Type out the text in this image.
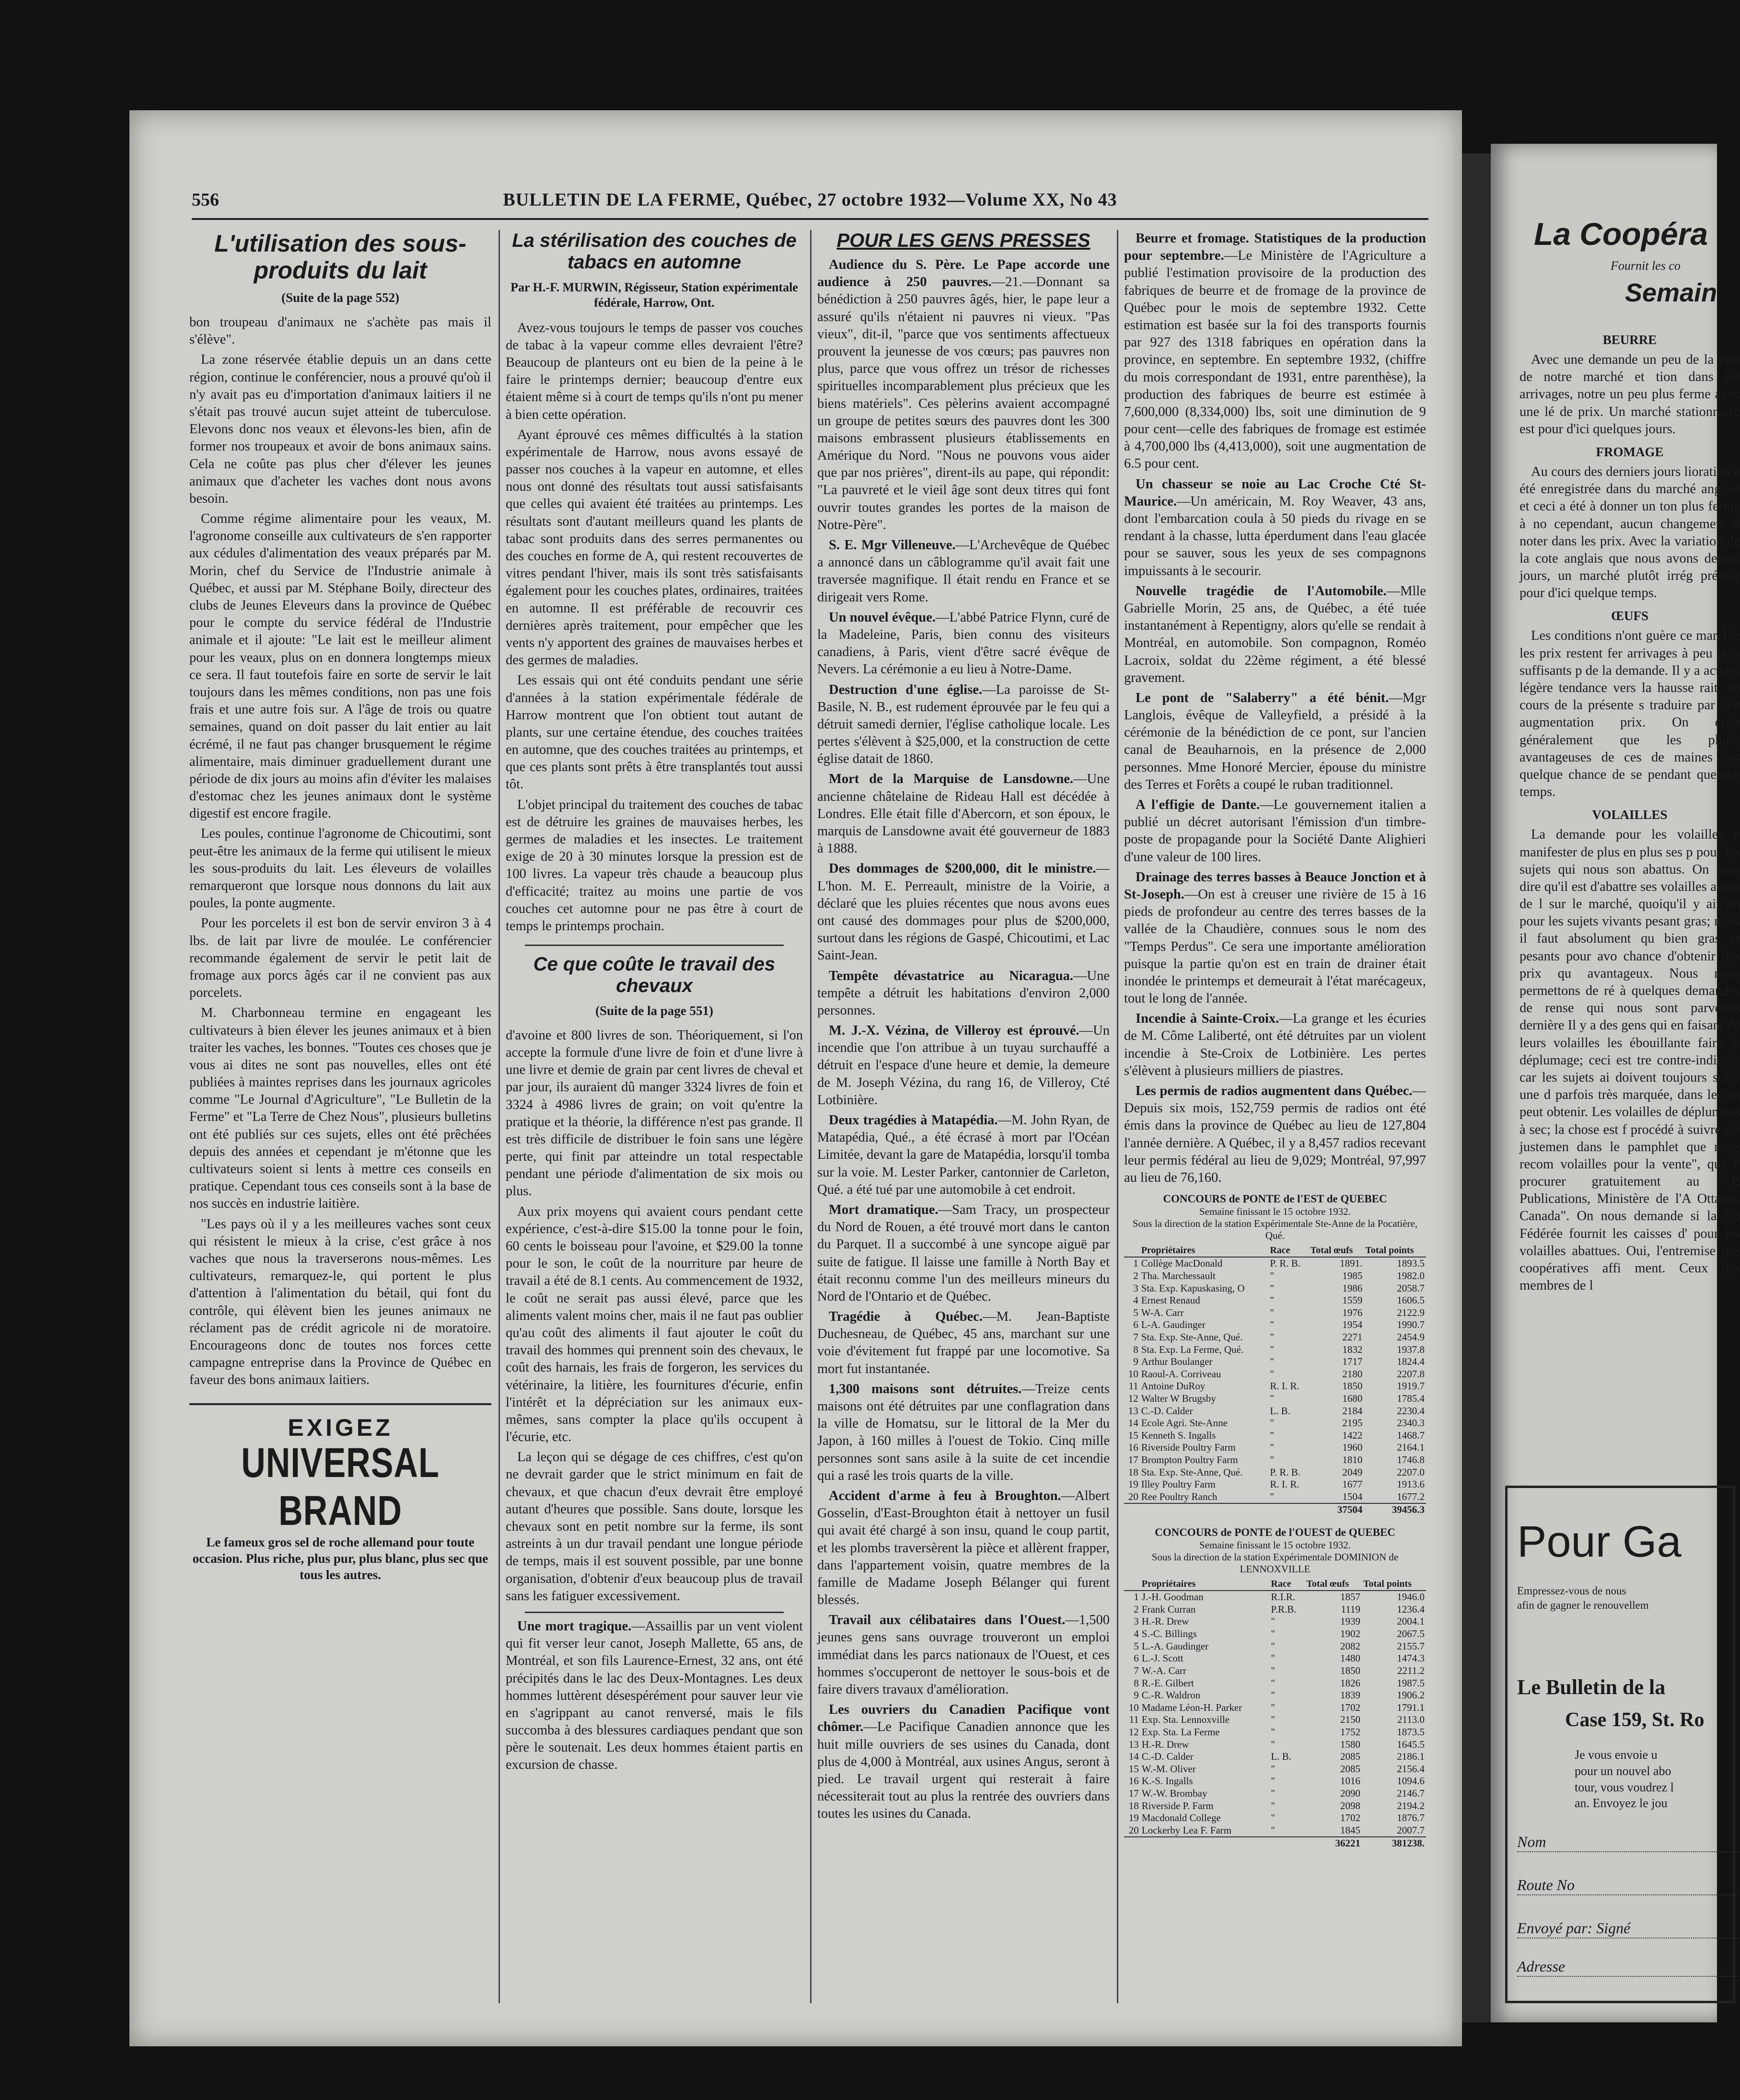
556	BULLETIN DE LA FERME, Québec, 27 octobre 1932—Volume XX, No 43
L'utilisation des sous-produits du lait
(Suite de la page 552)

bon troupeau d'animaux ne s'achète pas mais il s'élève".

La zone réservée établie depuis un an dans cette région, continue le conférencier, nous a prouvé qu'où il n'y avait pas eu d'importation d'animaux laitiers il ne s'était pas trouvé aucun sujet atteint de tuberculose. Elevons donc nos veaux et élevons-les bien, afin de former nos troupeaux et avoir de bons animaux sains. Cela ne coûte pas plus cher d'élever les jeunes animaux que d'acheter les vaches dont nous avons besoin.

Comme régime alimentaire pour les veaux, M. l'agronome conseille aux cultivateurs de s'en rapporter aux cédules d'alimentation des veaux préparés par M. Morin, chef du Service de l'Industrie animale à Québec, et aussi par M. Stéphane Boily, directeur des clubs de Jeunes Eleveurs dans la province de Québec pour le compte du service fédéral de l'Industrie animale et il ajoute: "Le lait est le meilleur aliment pour les veaux, plus on en donnera longtemps mieux ce sera. Il faut toutefois faire en sorte de servir le lait toujours dans les mêmes conditions, non pas une fois frais et une autre fois sur. A l'âge de trois ou quatre semaines, quand on doit passer du lait entier au lait écrémé, il ne faut pas changer brusquement le régime alimentaire, mais diminuer graduellement durant une période de dix jours au moins afin d'éviter les malaises d'estomac chez les jeunes animaux dont le système digestif est encore fragile.

Les poules, continue l'agronome de Chicoutimi, sont peut-être les animaux de la ferme qui utilisent le mieux les sous-produits du lait. Les éleveurs de volailles remarqueront que lorsque nous donnons du lait aux poules, la ponte augmente.

Pour les porcelets il est bon de servir environ 3 à 4 lbs. de lait par livre de moulée. Le conférencier recommande également de servir le petit lait de fromage aux porcs âgés car il ne convient pas aux porcelets.

M. Charbonneau termine en engageant les cultivateurs à bien élever les jeunes animaux et à bien traiter les vaches, les bonnes. "Toutes ces choses que je vous ai dites ne sont pas nouvelles, elles ont été publiées à maintes reprises dans les journaux agricoles comme "Le Journal d'Agriculture", "Le Bulletin de la Ferme" et "La Terre de Chez Nous", plusieurs bulletins ont été publiés sur ces sujets, elles ont été prêchées depuis des années et cependant je m'étonne que les cultivateurs soient si lents à mettre ces conseils en pratique. Cependant tous ces conseils sont à la base de nos succès en industrie laitière.

"Les pays où il y a les meilleures vaches sont ceux qui résistent le mieux à la crise, c'est grâce à nos vaches que nous la traverserons nous-mêmes. Les cultivateurs, remarquez-le, qui portent le plus d'attention à l'alimentation du bétail, qui font du contrôle, qui élèvent bien les jeunes animaux ne réclament pas de crédit agricole ni de moratoire. Encourageons donc de toutes nos forces cette campagne entreprise dans la Province de Québec en faveur des bons animaux laitiers.

EXIGEZ
UNIVERSAL BRAND
Le fameux gros sel de roche allemand pour toute occasion. Plus riche, plus pur, plus blanc, plus sec que tous les autres.
La stérilisation des couches de tabacs en automne
Par H.-F. MURWIN, Régisseur, Station expérimentale fédérale, Harrow, Ont.

Avez-vous toujours le temps de passer vos couches de tabac à la vapeur comme elles devraient l'être? Beaucoup de planteurs ont eu bien de la peine à le faire le printemps dernier; beaucoup d'entre eux étaient même si à court de temps qu'ils n'ont pu mener à bien cette opération.

Ayant éprouvé ces mêmes difficultés à la station expérimentale de Harrow, nous avons essayé de passer nos couches à la vapeur en automne, et elles nous ont donné des résultats tout aussi satisfaisants que celles qui avaient été traitées au printemps. Les résultats sont d'autant meilleurs quand les plants de tabac sont produits dans des serres permanentes ou des couches en forme de A, qui restent recouvertes de vitres pendant l'hiver, mais ils sont très satisfaisants également pour les couches plates, ordinaires, traitées en automne. Il est préférable de recouvrir ces dernières après traitement, pour empêcher que les vents n'y apportent des graines de mauvaises herbes et des germes de maladies.

Les essais qui ont été conduits pendant une série d'années à la station expérimentale fédérale de Harrow montrent que l'on obtient tout autant de plants, sur une certaine étendue, des couches traitées en automne, que des couches traitées au printemps, et que ces plants sont prêts à être transplantés tout aussi tôt.

L'objet principal du traitement des couches de tabac est de détruire les graines de mauvaises herbes, les germes de maladies et les insectes. Le traitement exige de 20 à 30 minutes lorsque la pression est de 100 livres. La vapeur très chaude a beaucoup plus d'efficacité; traitez au moins une partie de vos couches cet automne pour ne pas être à court de temps le printemps prochain.

Ce que coûte le travail des chevaux
(Suite de la page 551)

d'avoine et 800 livres de son. Théoriquement, si l'on accepte la formule d'une livre de foin et d'une livre à une livre et demie de grain par cent livres de cheval et par jour, ils auraient dû manger 3324 livres de foin et 3324 à 4986 livres de grain; on voit qu'entre la pratique et la théorie, la différence n'est pas grande. Il est très difficile de distribuer le foin sans une légère perte, qui finit par atteindre un total respectable pendant une période d'alimentation de six mois ou plus.

Aux prix moyens qui avaient cours pendant cette expérience, c'est-à-dire $15.00 la tonne pour le foin, 60 cents le boisseau pour l'avoine, et $29.00 la tonne pour le son, le coût de la nourriture par heure de travail a été de 8.1 cents. Au commencement de 1932, le coût ne serait pas aussi élevé, parce que les aliments valent moins cher, mais il ne faut pas oublier qu'au coût des aliments il faut ajouter le coût du travail des hommes qui prennent soin des chevaux, le coût des harnais, les frais de forgeron, les services du vétérinaire, la litière, les fournitures d'écurie, enfin l'intérêt et la dépréciation sur les animaux eux-mêmes, sans compter la place qu'ils occupent à l'écurie, etc.

La leçon qui se dégage de ces chiffres, c'est qu'on ne devrait garder que le strict minimum en fait de chevaux, et que chacun d'eux devrait être employé autant d'heures que possible. Sans doute, lorsque les chevaux sont en petit nombre sur la ferme, ils sont astreints à un dur travail pendant une longue période de temps, mais il est souvent possible, par une bonne organisation, d'obtenir d'eux beaucoup plus de travail sans les fatiguer excessivement.

Une mort tragique.—Assaillis par un vent violent qui fit verser leur canot, Joseph Mallette, 65 ans, de Montréal, et son fils Laurence-Ernest, 32 ans, ont été précipités dans le lac des Deux-Montagnes. Les deux hommes luttèrent désespérément pour sauver leur vie en s'agrippant au canot renversé, mais le fils succomba à des blessures cardiaques pendant que son père le soutenait. Les deux hommes étaient partis en excursion de chasse.

POUR LES GENS PRESSES

Audience du S. Père. Le Pape accorde une audience à 250 pauvres.—21.—Donnant sa bénédiction à 250 pauvres âgés, hier, le pape leur a assuré qu'ils n'étaient ni pauvres ni vieux. "Pas vieux", dit-il, "parce que vos sentiments affectueux prouvent la jeunesse de vos cœurs; pas pauvres non plus, parce que vous offrez un trésor de richesses spirituelles incomparablement plus précieux que les biens matériels". Ces pèlerins avaient accompagné un groupe de petites sœurs des pauvres dont les 300 maisons embrassent plusieurs établissements en Amérique du Nord. "Nous ne pouvons vous aider que par nos prières", dirent-ils au pape, qui répondit: "La pauvreté et le vieil âge sont deux titres qui font ouvrir toutes grandes les portes de la maison de Notre-Père".

S. E. Mgr Villeneuve.—L'Archevêque de Québec a annoncé dans un câblogramme qu'il avait fait une traversée magnifique. Il était rendu en France et se dirigeait vers Rome.

Un nouvel évêque.—L'abbé Patrice Flynn, curé de la Madeleine, Paris, bien connu des visiteurs canadiens, à Paris, vient d'être sacré évêque de Nevers. La cérémonie a eu lieu à Notre-Dame.

Destruction d'une église.—La paroisse de St-Basile, N. B., est rudement éprouvée par le feu qui a détruit samedi dernier, l'église catholique locale. Les pertes s'élèvent à $25,000, et la construction de cette église datait de 1860.

Mort de la Marquise de Lansdowne.—Une ancienne châtelaine de Rideau Hall est décédée à Londres. Elle était fille d'Abercorn, et son époux, le marquis de Lansdowne avait été gouverneur de 1883 à 1888.

Des dommages de $200,000, dit le ministre.—L'hon. M. E. Perreault, ministre de la Voirie, a déclaré que les pluies récentes que nous avons eues ont causé des dommages pour plus de $200,000, surtout dans les régions de Gaspé, Chicoutimi, et Lac Saint-Jean.

Tempête dévastatrice au Nicaragua.—Une tempête a détruit les habitations d'environ 2,000 personnes.

M. J.-X. Vézina, de Villeroy est éprouvé.—Un incendie que l'on attribue à un tuyau surchauffé a détruit en l'espace d'une heure et demie, la demeure de M. Joseph Vézina, du rang 16, de Villeroy, Cté Lotbinière.

Deux tragédies à Matapédia.—M. John Ryan, de Matapédia, Qué., a été écrasé à mort par l'Océan Limitée, devant la gare de Matapédia, lorsqu'il tomba sur la voie. M. Lester Parker, cantonnier de Carleton, Qué. a été tué par une automobile à cet endroit.

Mort dramatique.—Sam Tracy, un prospecteur du Nord de Rouen, a été trouvé mort dans le canton du Parquet. Il a succombé à une syncope aiguë par suite de fatigue. Il laisse une famille à North Bay et était reconnu comme l'un des meilleurs mineurs du Nord de l'Ontario et de Québec.

Tragédie à Québec.—M. Jean-Baptiste Duchesneau, de Québec, 45 ans, marchant sur une voie d'évitement fut frappé par une locomotive. Sa mort fut instantanée.

1,300 maisons sont détruites.—Treize cents maisons ont été détruites par une conflagration dans la ville de Homatsu, sur le littoral de la Mer du Japon, à 160 milles à l'ouest de Tokio. Cinq mille personnes sont sans asile à la suite de cet incendie qui a rasé les trois quarts de la ville.

Accident d'arme à feu à Broughton.—Albert Gosselin, d'East-Broughton était à nettoyer un fusil qui avait été chargé à son insu, quand le coup partit, et les plombs traversèrent la pièce et allèrent frapper, dans l'appartement voisin, quatre membres de la famille de Madame Joseph Bélanger qui furent blessés.

Travail aux célibataires dans l'Ouest.—1,500 jeunes gens sans ouvrage trouveront un emploi immédiat dans les parcs nationaux de l'Ouest, et ces hommes s'occuperont de nettoyer le sous-bois et de faire divers travaux d'amélioration.

Les ouvriers du Canadien Pacifique vont chômer.—Le Pacifique Canadien annonce que les huit mille ouvriers de ses usines du Canada, dont plus de 4,000 à Montréal, aux usines Angus, seront à pied. Le travail urgent qui resterait à faire nécessiterait tout au plus la rentrée des ouvriers dans toutes les usines du Canada.

Beurre et fromage. Statistiques de la production pour septembre.—Le Ministère de l'Agriculture a publié l'estimation provisoire de la production des fabriques de beurre et de fromage de la province de Québec pour le mois de septembre 1932. Cette estimation est basée sur la foi des transports fournis par 927 des 1318 fabriques en opération dans la province, en septembre. En septembre 1932, (chiffre du mois correspondant de 1931, entre parenthèse), la production des fabriques de beurre est estimée à 7,600,000 (8,334,000) lbs, soit une diminution de 9 pour cent—celle des fabriques de fromage est estimée à 4,700,000 lbs (4,413,000), soit une augmentation de 6.5 pour cent.

Un chasseur se noie au Lac Croche Cté St-Maurice.—Un américain, M. Roy Weaver, 43 ans, dont l'embarcation coula à 50 pieds du rivage en se rendant à la chasse, lutta éperdument dans l'eau glacée pour se sauver, sous les yeux de ses compagnons impuissants à le secourir.

Nouvelle tragédie de l'Automobile.—Mlle Gabrielle Morin, 25 ans, de Québec, a été tuée instantanément à Repentigny, alors qu'elle se rendait à Montréal, en automobile. Son compagnon, Roméo Lacroix, soldat du 22ème régiment, a été blessé gravement.

Le pont de "Salaberry" a été bénit.—Mgr Langlois, évêque de Valleyfield, a présidé à la cérémonie de la bénédiction de ce pont, sur l'ancien canal de Beauharnois, en la présence de 2,000 personnes. Mme Honoré Mercier, épouse du ministre des Terres et Forêts a coupé le ruban traditionnel.

A l'effigie de Dante.—Le gouvernement italien a publié un décret autorisant l'émission d'un timbre-poste de propagande pour la Société Dante Alighieri d'une valeur de 100 lires.

Drainage des terres basses à Beauce Jonction et à St-Joseph.—On est à creuser une rivière de 15 à 16 pieds de profondeur au centre des terres basses de la vallée de la Chaudière, connues sous le nom des "Temps Perdus". Ce sera une importante amélioration puisque la partie qu'on est en train de drainer était inondée le printemps et demeurait à l'état marécageux, tout le long de l'année.

Incendie à Sainte-Croix.—La grange et les écuries de M. Côme Laliberté, ont été détruites par un violent incendie à Ste-Croix de Lotbinière. Les pertes s'élèvent à plusieurs milliers de piastres.

Les permis de radios augmentent dans Québec.—Depuis six mois, 152,759 permis de radios ont été émis dans la province de Québec au lieu de 127,804 l'année dernière. A Québec, il y a 8,457 radios recevant leur permis fédéral au lieu de 9,029; Montréal, 97,997 au lieu de 76,160.

CONCOURS de PONTE de l'EST de QUEBEC
Semaine finissant le 15 octobre 1932.
Sous la direction de la station Expérimentale Ste-Anne de la Pocatière, Qué.
	Propriétaires	Race	Total œufs	Total points
1	Collège MacDonald	P. R. B.	1891.	1893.5
2	Tha. Marchessault	"	1985	1982.0
3	Sta. Exp. Kapuskasing, O	"	1986	2058.7
4	Ernest Renaud	"	1559	1606.5
5	W-A. Carr	"	1976	2122.9
6	L-A. Gaudinger	"	1954	1990.7
7	Sta. Exp. Ste-Anne, Qué.	"	2271	2454.9
8	Sta. Exp. La Ferme, Qué.	"	1832	1937.8
9	Arthur Boulanger	"	1717	1824.4
10	Raoul-A. Corriveau	"	2180	2207.8
11	Antoine DuRoy	R. I. R.	1850	1919.7
12	Walter W Brugsby	"	1680	1785.4
13	C.-D. Calder	L. B.	2184	2230.4
14	Ecole Agri. Ste-Anne	"	2195	2340.3
15	Kenneth S. Ingalls	"	1422	1468.7
16	Riverside Poultry Farm	"	1960	2164.1
17	Brompton Poultry Farm	"	1810	1746.8
18	Sta. Exp. Ste-Anne, Qué.	P. R. B.	2049	2207.0
19	Illey Poultry Farm	R. I. R.	1677	1913.6
20	Ree Poultry Ranch	"	1504	1677.2
			37504	39456.3
CONCOURS de PONTE de l'OUEST de QUEBEC
Semaine finissant le 15 octobre 1932.
Sous la direction de la station Expérimentale DOMINION de LENNOXVILLE
	Propriétaires	Race	Total œufs	Total points
1	J.-H. Goodman	R.I.R.	1857	1946.0
2	Frank Curran	P.R.B.	1119	1236.4
3	H.-R. Drew	"	1939	2004.1
4	S.-C. Billings	"	1902	2067.5
5	L.-A. Gaudinger	"	2082	2155.7
6	L.-J. Scott	"	1480	1474.3
7	W.-A. Carr	"	1850	2211.2
8	R.-E. Gilbert	"	1826	1987.5
9	C.-R. Waldron	"	1839	1906.2
10	Madame Léon-H. Parker	"	1702	1791.1
11	Exp. Sta. Lennoxville	"	2150	2113.0
12	Exp. Sta. La Ferme	"	1752	1873.5
13	H.-R. Drew	"	1580	1645.5
14	C.-D. Calder	L. B.	2085	2186.1
15	W.-M. Oliver	"	2085	2156.4
16	K.-S. Ingalls	"	1016	1094.6
17	W.-W. Brombay	"	2090	2146.7
18	Riverside P. Farm	"	2098	2194.2
19	Macdonald College	"	1702	1876.7
20	Lockerby Lea F. Farm	"	1845	2007.7
			36221	381238.
La Coopéra
Fournit les co
Semain
BEURRE

Avec une demande un peu de la part de notre marché et tion dans les arrivages, notre un peu plus ferme avec une lé de prix. Un marché stationnaire est pour d'ici quelques jours.

FROMAGE

Au cours des derniers jours lioration a été enregistrée dans du marché anglais et ceci a été à donner un ton plus ferme à no cependant, aucun changement à noter dans les prix. Avec la variation de la cote anglais que nous avons depuis jours, un marché plutôt irrég prévoir pour d'ici quelque temps.

ŒUFS

Les conditions n'ont guère ce marché; les prix restent fer arrivages à peu près suffisants p de la demande. Il y a actuell légère tendance vers la hausse rait, au cours de la présente s traduire par une augmentation prix. On croit généralement que les plutôt avantageuses de ces de maines ont quelque chance de se pendant quelque temps.

VOLAILLES

La demande pour les volailles à manifester de plus en plus ses p pour les sujets qui nous son abattus. On peut dire qu'il est d'abattre ses volailles avant de l sur le marché, quoiqu'il y ait un pour les sujets vivants pesant gras; mais il faut absolument qu bien gras et pesants pour avo chance d'obtenir des prix qu avantageux. Nous nous permettons de ré à quelques demandes de rense qui nous sont parvenus dernière Il y a des gens qui en faisant de leurs volailles les ébouillante faire le déplumage; ceci est tre contre-indiqué, car les sujets ai doivent toujours subir une d parfois très marquée, dans les en peut obtenir. Les volailles de déplumées à sec; la chose est f procédé à suivre est justemen dans le pamphlet que nous recom volailles pour la vente", que l' procurer gratuitement au "B Publications, Ministère de l'A Ottawa, Canada". On nous demande si la Co Fédérée fournit les caisses d' pour les volailles abattues. Oui, l'entremise des coopératives affi ment. Ceux des membres de l

Pour Ga
Empressez-vous de nous
afin de gagner le renouvellem
Le Bulletin de la
Case 159, St. Ro
Je vous envoie u
pour un nouvel abo
tour, vous voudrez l
an. Envoyez le jou
Nom
Route No
Envoyé par: Signé
Adresse
